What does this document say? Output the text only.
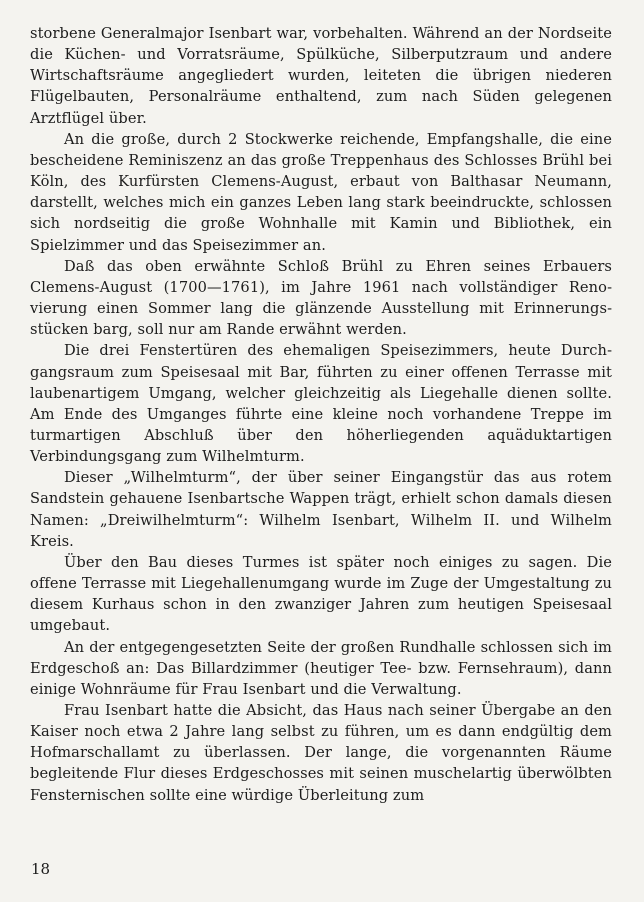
storbene Generalmajor Isenbart war, vorbehalten. Während an der Nordseite die Küchen- und Vorratsräume, Spülküche, Silberputzraum und andere Wirtschaftsräume angegliedert wurden, leiteten die übrigen niederen Flügelbauten, Personalräume enthaltend, zum nach Süden gelegenen Arztflügel über.

An die große, durch 2 Stockwerke reichende, Empfangshalle, die eine bescheidene Reminiszenz an das große Treppenhaus des Schlosses Brühl bei Köln, des Kurfürsten Clemens-August, erbaut von Balthasar Neumann, darstellt, welches mich ein ganzes Leben lang stark beeindruckte, schlossen sich nordseitig die große Wohnhalle mit Kamin und Bibliothek, ein Spielzimmer und das Speisezimmer an.

Daß das oben erwähnte Schloß Brühl zu Ehren seines Erbauers Clemens-August (1700—1761), im Jahre 1961 nach vollständiger Renovierung einen Sommer lang die glänzende Ausstellung mit Erinnerungsstücken barg, soll nur am Rande erwähnt werden.

Die drei Fenstertüren des ehemaligen Speisezimmers, heute Durchgangsraum zum Speisesaal mit Bar, führten zu einer offenen Terrasse mit laubenartigem Umgang, welcher gleichzeitig als Liegehalle dienen sollte. Am Ende des Umganges führte eine kleine noch vorhandene Treppe im turmartigen Abschluß über den höherliegenden aquäduktartigen Verbindungsgang zum Wilhelmturm.

Dieser „Wilhelmturm“, der über seiner Eingangstür das aus rotem Sandstein gehauene Isenbartsche Wappen trägt, erhielt schon damals diesen Namen: „Dreiwilhelmturm“: Wilhelm Isenbart, Wilhelm II. und Wilhelm Kreis.

Über den Bau dieses Turmes ist später noch einiges zu sagen. Die offene Terrasse mit Liegehallenumgang wurde im Zuge der Umgestaltung zu diesem Kurhaus schon in den zwanziger Jahren zum heutigen Speisesaal umgebaut.

An der entgegengesetzten Seite der großen Rundhalle schlossen sich im Erdgeschoß an: Das Billardzimmer (heutiger Tee- bzw. Fernsehraum), dann einige Wohnräume für Frau Isenbart und die Verwaltung.

Frau Isenbart hatte die Absicht, das Haus nach seiner Übergabe an den Kaiser noch etwa 2 Jahre lang selbst zu führen, um es dann endgültig dem Hofmarschallamt zu überlassen. Der lange, die vorgenannten Räume begleitende Flur dieses Erdgeschosses mit seinen muschelartig überwölbten Fensternischen sollte eine würdige Überleitung zum

18
